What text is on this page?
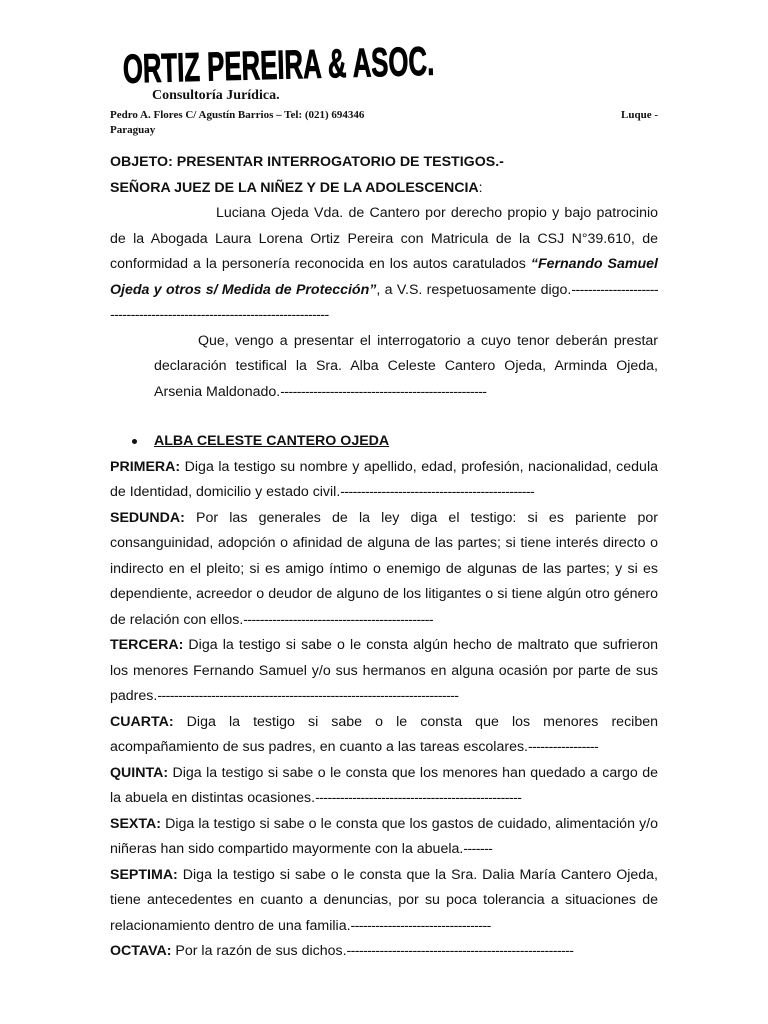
ORTIZ PEREIRA & ASOC.
Consultoría Jurídica.
Pedro A. Flores C/ Agustín Barrios – Tel: (021) 694346	Luque -
Paraguay
OBJETO: PRESENTAR INTERROGATORIO DE TESTIGOS.-
SEÑORA JUEZ DE LA NIÑEZ Y DE LA ADOLESCENCIA:

Luciana Ojeda Vda. de Cantero por derecho propio y bajo patrocinio de la Abogada Laura Lorena Ortiz Pereira con Matricula de la CSJ N°39.610, de conformidad a la personería reconocida en los autos caratulados “Fernando Samuel Ojeda y otros s/ Medida de Protección”, a V.S. respetuosamente digo.--------------------------------------------------------------------------

Que, vengo a presentar el interrogatorio a cuyo tenor deberán prestar declaración testifical la Sra. Alba Celeste Cantero Ojeda, Arminda Ojeda, Arsenia Maldonado.--------------------------------------------------

ALBA CELESTE CANTERO OJEDA

PRIMERA: Diga la testigo su nombre y apellido, edad, profesión, nacionalidad, cedula de Identidad, domicilio y estado civil.-----------------------------------------------

SEDUNDA: Por las generales de la ley diga el testigo: si es pariente por consanguinidad, adopción o afinidad de alguna de las partes; si tiene interés directo o indirecto en el pleito; si es amigo íntimo o enemigo de algunas de las partes; y si es dependiente, acreedor o deudor de alguno de los litigantes o si tiene algún otro género de relación con ellos.----------------------------------------------

TERCERA: Diga la testigo si sabe o le consta algún hecho de maltrato que sufrieron los menores Fernando Samuel y/o sus hermanos en alguna ocasión por parte de sus padres.-------------------------------------------------------------------------

CUARTA: Diga la testigo si sabe o le consta que los menores reciben acompañamiento de sus padres, en cuanto a las tareas escolares.-----------------

QUINTA: Diga la testigo si sabe o le consta que los menores han quedado a cargo de la abuela en distintas ocasiones.--------------------------------------------------

SEXTA: Diga la testigo si sabe o le consta que los gastos de cuidado, alimentación y/o niñeras han sido compartido mayormente con la abuela.-------

SEPTIMA: Diga la testigo si sabe o le consta que la Sra. Dalia María Cantero Ojeda, tiene antecedentes en cuanto a denuncias, por su poca tolerancia a situaciones de relacionamiento dentro de una familia.----------------------------------

OCTAVA: Por la razón de sus dichos.-------------------------------------------------------
